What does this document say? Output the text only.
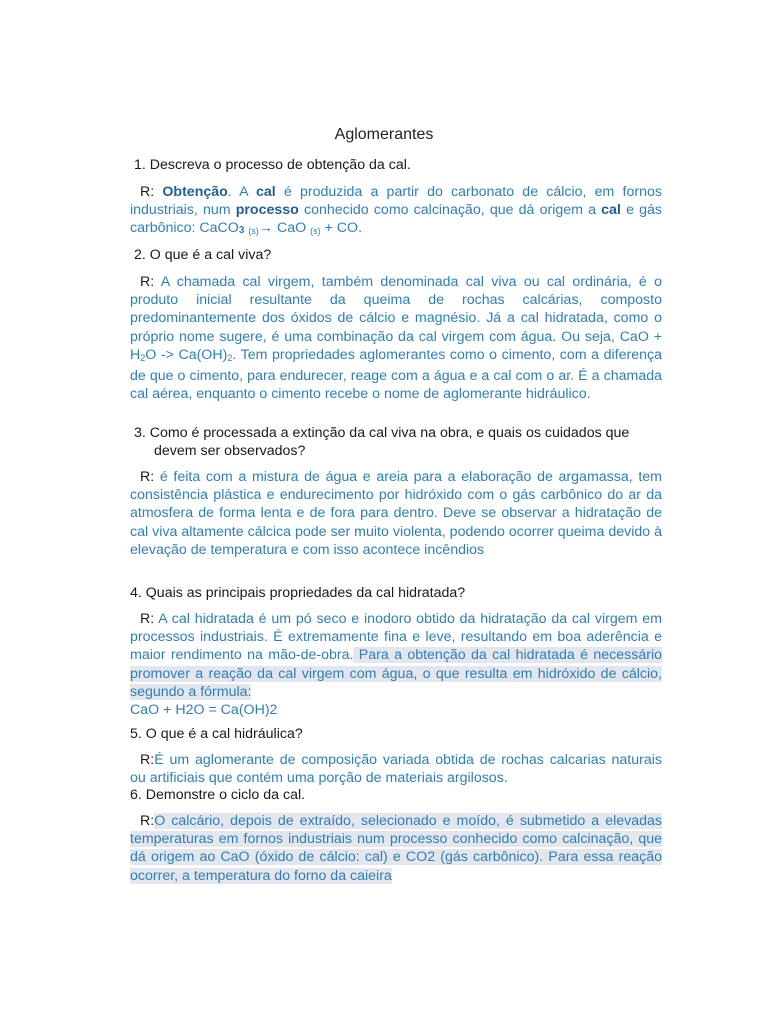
Aglomerantes
1. Descreva o processo de obtenção da cal.
R: Obtenção. A cal é produzida a partir do carbonato de cálcio, em fornos industriais, num processo conhecido como calcinação, que dá origem a cal e gás carbônico: CaCO$_3$ $_{(s)}$→ CaO $_{(s)}$ + CO.
2. O que é a cal viva?
R: A chamada cal virgem, também denominada cal viva ou cal ordinária, é o produto inicial resultante da queima de rochas calcárias, composto predominantemente dos óxidos de cálcio e magnésio. Já a cal hidratada, como o próprio nome sugere, é uma combinação da cal virgem com água. Ou seja, CaO + $H_2O -> Ca(OH)_2$. Tem propriedades aglomerantes como o cimento, com a diferença de que o cimento, para endurecer, reage com a água e a cal com o ar. É a chamada cal aérea, enquanto o cimento recebe o nome de aglomerante hidráulico.
3. Como é processada a extinção da cal viva na obra, e quais os cuidados que
devem ser observados?
R: é feita com a mistura de água e areia para a elaboração de argamassa, tem consistência plástica e endurecimento por hidróxido com o gás carbônico do ar da atmosfera de forma lenta e de fora para dentro. Deve se observar a hidratação de cal viva altamente cálcica pode ser muito violenta, podendo ocorrer queima devido à elevação de temperatura e com isso acontece incêndios
4. Quais as principais propriedades da cal hidratada?
R: A cal hidratada é um pó seco e inodoro obtido da hidratação da cal virgem em processos industriais. É extremamente fina e leve, resultando em boa aderência e maior rendimento na mão-de-obra. Para a obtenção da cal hidratada é necessário promover a reação da cal virgem com água, o que resulta em hidróxido de cálcio, segundo a fórmula:
CaO + H2O = Ca(OH)2
5. O que é a cal hidráulica?
R:É um aglomerante de composição variada obtida de rochas calcarias naturais ou artificiais que contém uma porção de materiais argilosos.
6. Demonstre o ciclo da cal.
R:O calcário, depois de extraído, selecionado e moído, é submetido a elevadas temperaturas em fornos industriais num processo conhecido como calcinação, que dá origem ao CaO (óxido de cálcio: cal) e CO2 (gás carbônico). Para essa reação ocorrer, a temperatura do forno da caieira
